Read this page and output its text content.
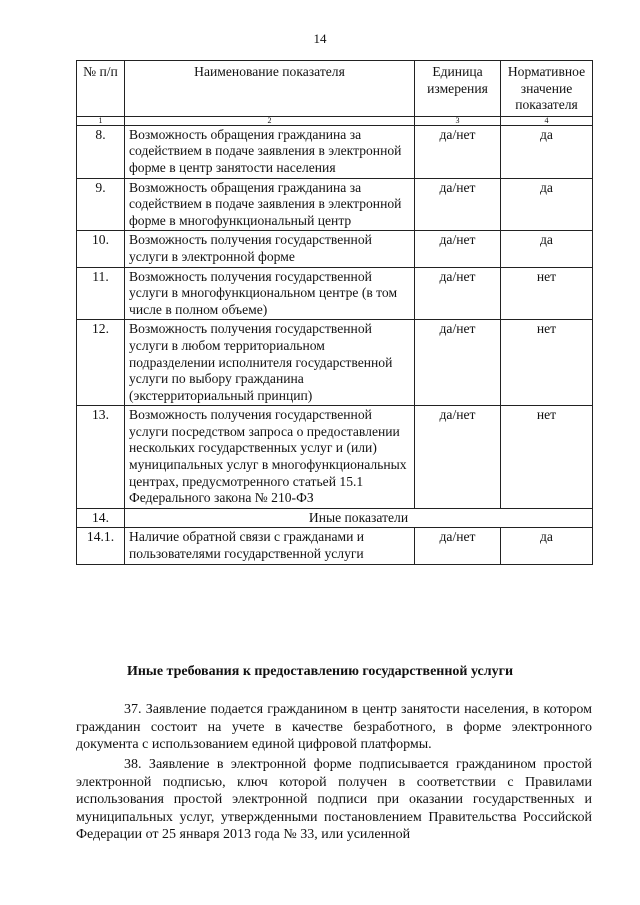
14
№ п/п	Наименование показателя	Единица измерения	Нормативное значение показателя
1	2	3	4
8.	Возможность обращения гражданина за содействием в подаче заявления в электронной форме в центр занятости населения	да/нет	да
9.	Возможность обращения гражданина за содействием в подаче заявления в электронной форме в многофункциональный центр	да/нет	да
10.	Возможность получения государственной услуги в электронной форме	да/нет	да
11.	Возможность получения государственной услуги в многофункциональном центре (в том числе в полном объеме)	да/нет	нет
12.	Возможность получения государственной услуги в любом территориальном подразделении исполнителя государственной услуги по выбору гражданина (экстерриториальный принцип)	да/нет	нет
13.	Возможность получения государственной услуги посредством запроса о предоставлении нескольких государственных услуг и (или) муниципальных услуг в многофункциональных центрах, предусмотренного статьей 15.1 Федерального закона № 210-ФЗ	да/нет	нет
14.	Иные показатели		
14.1.	Наличие обратной связи с гражданами и пользователями государственной услуги	да/нет	да
Иные требования к предоставлению государственной услуги

37. Заявление подается гражданином в центр занятости населения, в котором гражданин состоит на учете в качестве безработного, в форме электронного документа с использованием единой цифровой платформы.

38. Заявление в электронной форме подписывается гражданином простой электронной подписью, ключ которой получен в соответствии с Правилами использования простой электронной подписи при оказании государственных и муниципальных услуг, утвержденными постановлением Правительства Российской Федерации от 25 января 2013 года № 33, или усиленной
